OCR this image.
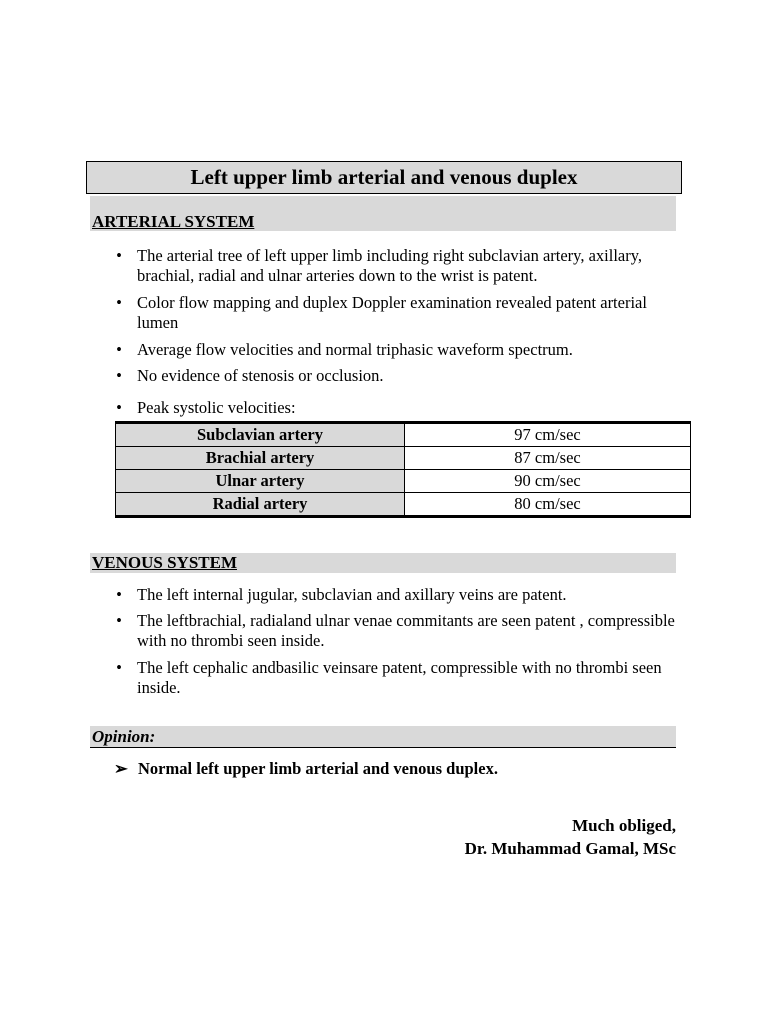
Left upper limb arterial and venous duplex
ARTERIAL SYSTEM
• The arterial tree of left upper limb including right subclavian artery, axillary, brachial, radial and ulnar arteries down to the wrist is patent.
• Color flow mapping and duplex Doppler examination revealed patent arterial lumen
• Average flow velocities and normal triphasic waveform spectrum.
• No evidence of stenosis or occlusion.
• Peak systolic velocities:
Subclavian artery	97 cm/sec
Brachial artery	87 cm/sec
Ulnar artery	90 cm/sec
Radial artery	80 cm/sec
VENOUS SYSTEM
• The left internal jugular, subclavian and axillary veins are patent.
• The leftbrachial, radialand ulnar venae commitants are seen patent , compressible with no thrombi seen inside.
• The left cephalic andbasilic veinsare patent, compressible with no thrombi seen inside.
Opinion:
➢ Normal left upper limb arterial and venous duplex.
Much obliged,
Dr. Muhammad Gamal, MSc
